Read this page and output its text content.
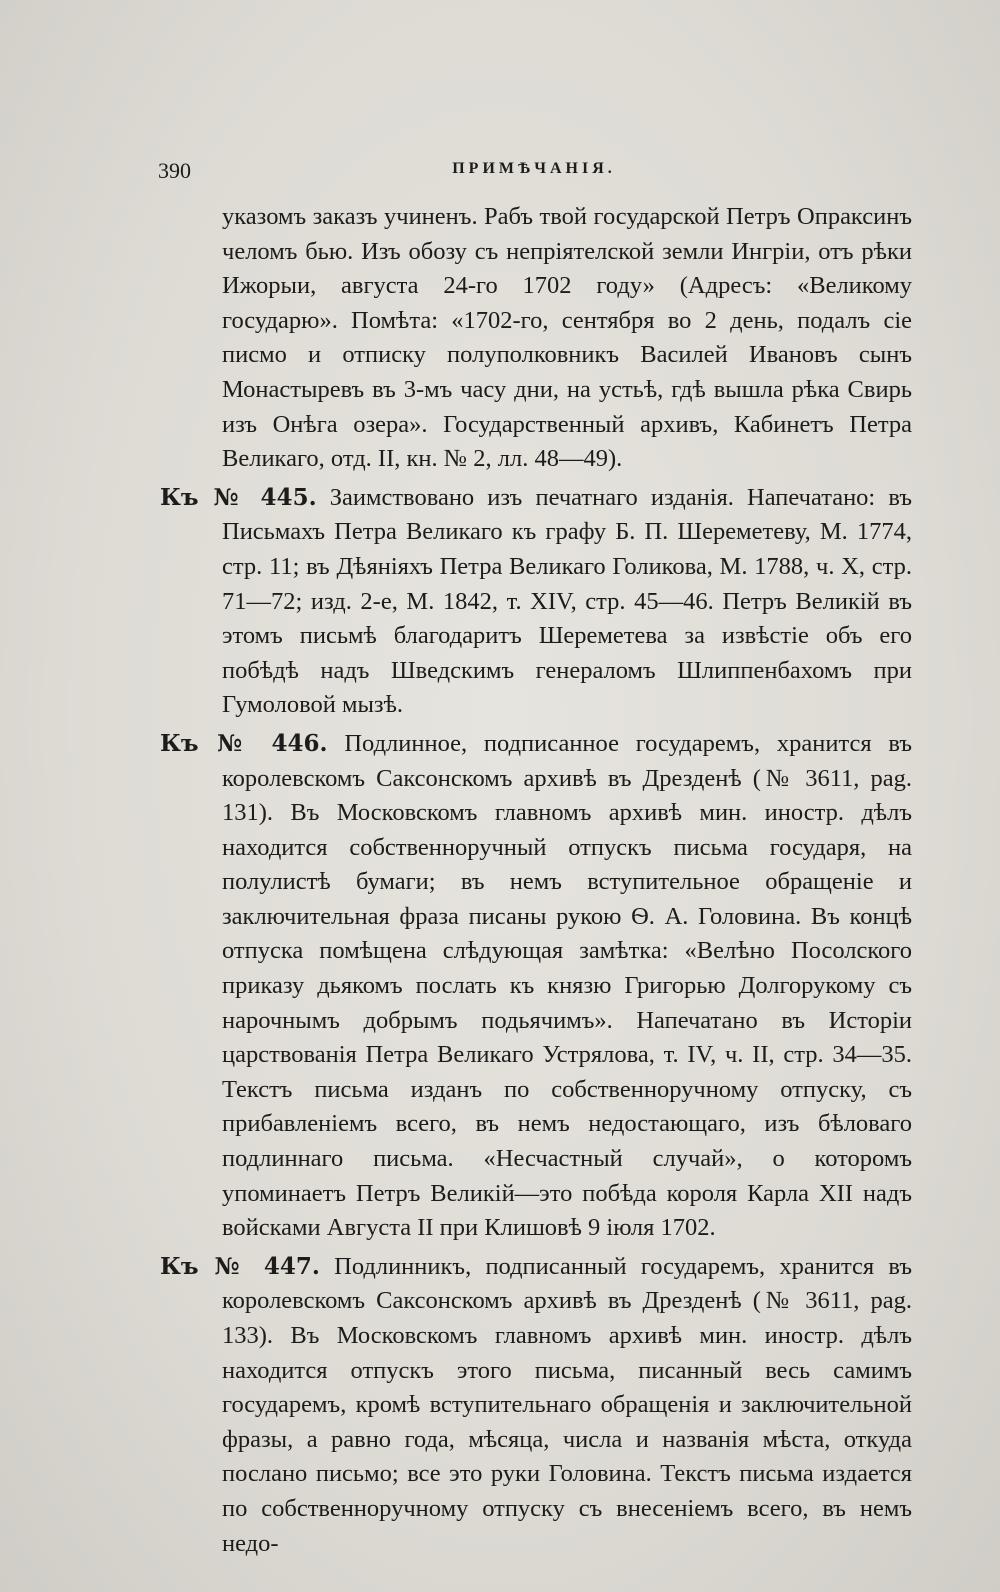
390	ПРИМѢЧАНІЯ.

указомъ заказъ учиненъ. Рабъ твой государской Петръ Опраксинъ челомъ бью. Изъ обозу съ непріятелской земли Ингріи, отъ рѣки Ижорыи, августа 24-го 1702 году» (Адресъ: «Великому государю». Помѣта: «1702-го, сентября во 2 день, подалъ сіе писмо и отписку полуполковникъ Василей Ивановъ сынъ Монастыревъ въ 3-мъ часу дни, на устьѣ, гдѣ вышла рѣка Свирь изъ Онѣга озера». Государственный архивъ, Кабинетъ Петра Великаго, отд. II, кн. № 2, лл. 48—49).

Къ № 445. Заимствовано изъ печатнаго изданія. Напечатано: въ Письмахъ Петра Великаго къ графу Б. П. Шереметеву, М. 1774, стр. 11; въ Дѣяніяхъ Петра Великаго Голикова, М. 1788, ч. X, стр. 71—72; изд. 2-е, М. 1842, т. XIV, стр. 45—46. Петръ Великій въ этомъ письмѣ благодаритъ Шереметева за извѣстіе объ его побѣдѣ надъ Шведскимъ генераломъ Шлиппенбахомъ при Гумоловой мызѣ.

Къ № 446. Подлинное, подписанное государемъ, хранится въ королевскомъ Саксонскомъ архивѣ въ Дрезденѣ (№ 3611, pag. 131). Въ Московскомъ главномъ архивѣ мин. иностр. дѣлъ находится собственноручный отпускъ письма государя, на полулистѣ бумаги; въ немъ вступительное обращеніе и заключительная фраза писаны рукою Ѳ. А. Головина. Въ концѣ отпуска помѣщена слѣдующая замѣтка: «Велѣно Посолского приказу дьякомъ послать къ князю Григорью Долгорукому съ нарочнымъ добрымъ подьячимъ». Напечатано въ Исторіи царствованія Петра Великаго Устрялова, т. IV, ч. II, стр. 34—35. Текстъ письма изданъ по собственноручному отпуску, съ прибавленіемъ всего, въ немъ недостающаго, изъ бѣловаго подлиннаго письма. «Несчастный случай», о которомъ упоминаетъ Петръ Великій—это побѣда короля Карла XII надъ войсками Августа II при Клишовѣ 9 іюля 1702.

Къ № 447. Подлинникъ, подписанный государемъ, хранится въ королевскомъ Саксонскомъ архивѣ въ Дрезденѣ (№ 3611, pag. 133). Въ Московскомъ главномъ архивѣ мин. иностр. дѣлъ находится отпускъ этого письма, писанный весь самимъ государемъ, кромѣ вступительнаго обращенія и заключительной фразы, а равно года, мѣсяца, числа и названія мѣста, откуда послано письмо; все это руки Головина. Текстъ письма издается по собственноручному отпуску съ внесеніемъ всего, въ немъ недо-
